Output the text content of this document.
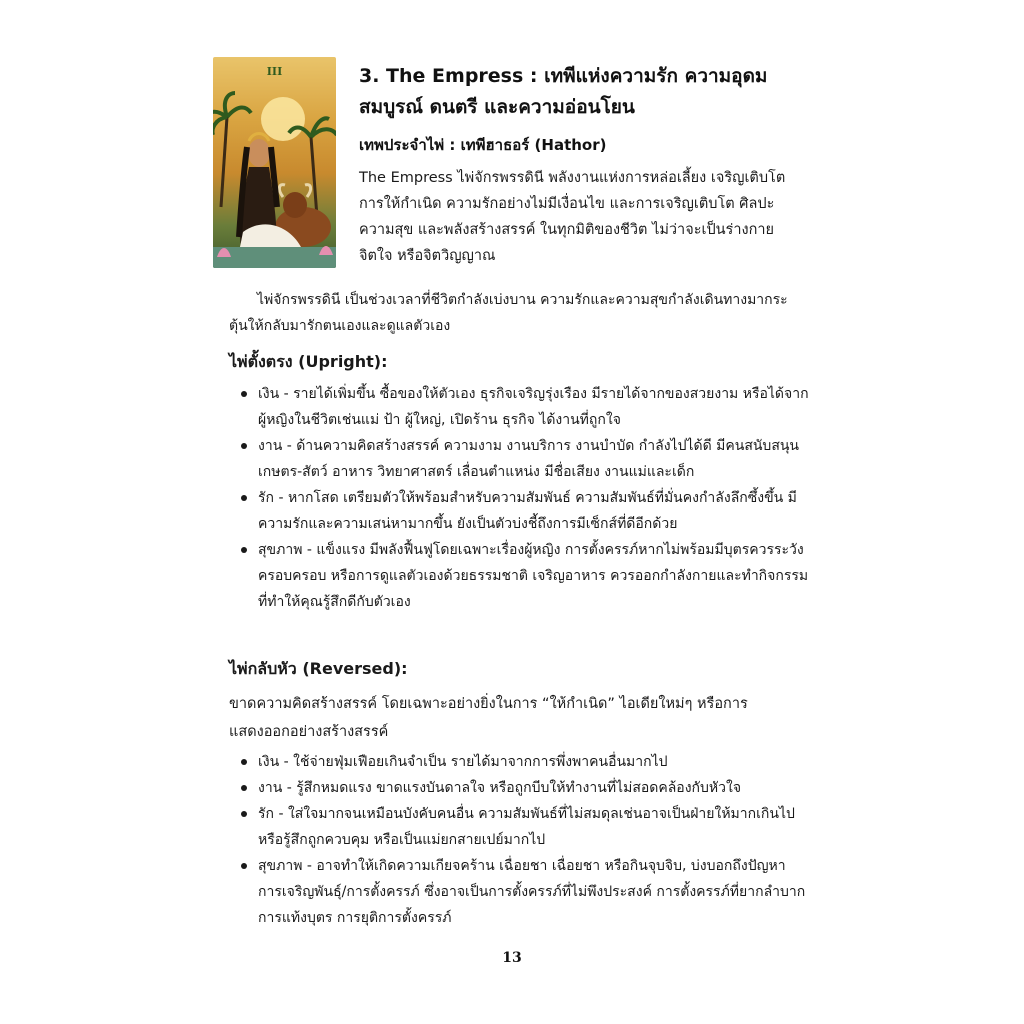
III	3. The Empress : เทพีแห่งความรัก ความอุดมสมบูรณ์ ดนตรี และความอ่อนโยน

เทพประจำไพ่ : เทพีฮาธอร์ (Hathor)

The Empress ไพ่จักรพรรดินี พลังงานแห่งการหล่อเลี้ยง เจริญเติบโต การให้กำเนิด ความรักอย่างไม่มีเงื่อนไข และการเจริญเติบโต ศิลปะ ความสุข และพลังสร้างสรรค์ ในทุกมิติของชีวิต ไม่ว่าจะเป็นร่างกาย จิตใจ หรือจิตวิญญาณ

ไพ่จักรพรรดินี เป็นช่วงเวลาที่ชีวิตกำลังเบ่งบาน ความรักและความสุขกำลังเดินทางมากระตุ้นให้กลับมารักตนเองและดูแลตัวเอง

ไพ่ตั้งตรง (Upright):
เงิน - รายได้เพิ่มขึ้น ซื้อของให้ตัวเอง ธุรกิจเจริญรุ่งเรือง มีรายได้จากของสวยงาม หรือได้จากผู้หญิงในชีวิตเช่นแม่ ป้า ผู้ใหญ่, เปิดร้าน ธุรกิจ ได้งานที่ถูกใจ
งาน - ด้านความคิดสร้างสรรค์ ความงาม งานบริการ งานบำบัด กำลังไปได้ดี มีคนสนับสนุน เกษตร-สัตว์ อาหาร วิทยาศาสตร์ เลื่อนตำแหน่ง มีชื่อเสียง งานแม่และเด็ก
รัก - หากโสด เตรียมตัวให้พร้อมสำหรับความสัมพันธ์ ความสัมพันธ์ที่มั่นคงกำลังลึกซึ้งขึ้น มีความรักและความเสน่หามากขึ้น ยังเป็นตัวบ่งชี้ถึงการมีเซ็กส์ที่ดีอีกด้วย
สุขภาพ - แข็งแรง มีพลังฟื้นฟูโดยเฉพาะเรื่องผู้หญิง การตั้งครรภ์หากไม่พร้อมมีบุตรควรระวังครอบครอบ หรือการดูแลตัวเองด้วยธรรมชาติ เจริญอาหาร ควรออกกำลังกายและทำกิจกรรมที่ทำให้คุณรู้สึกดีกับตัวเอง
ไพ่กลับหัว (Reversed):

ขาดความคิดสร้างสรรค์ โดยเฉพาะอย่างยิ่งในการ “ให้กำเนิด” ไอเดียใหม่ๆ หรือการแสดงออกอย่างสร้างสรรค์

เงิน - ใช้จ่ายฟุ่มเฟือยเกินจำเป็น รายได้มาจากการพึ่งพาคนอื่นมากไป
งาน - รู้สึกหมดแรง ขาดแรงบันดาลใจ หรือถูกบีบให้ทำงานที่ไม่สอดคล้องกับหัวใจ
รัก - ใส่ใจมากจนเหมือนบังคับคนอื่น ความสัมพันธ์ที่ไม่สมดุลเช่นอาจเป็นฝ่ายให้มากเกินไป หรือรู้สึกถูกควบคุม หรือเป็นแม่ยกสายเปย์มากไป
สุขภาพ - อาจทำให้เกิดความเกียจคร้าน เฉื่อยชา เฉื่อยชา หรือกินจุบจิบ, บ่งบอกถึงปัญหาการเจริญพันธุ์/การตั้งครรภ์ ซึ่งอาจเป็นการตั้งครรภ์ที่ไม่พึงประสงค์ การตั้งครรภ์ที่ยากลำบาก การแท้งบุตร การยุติการตั้งครรภ์
13
